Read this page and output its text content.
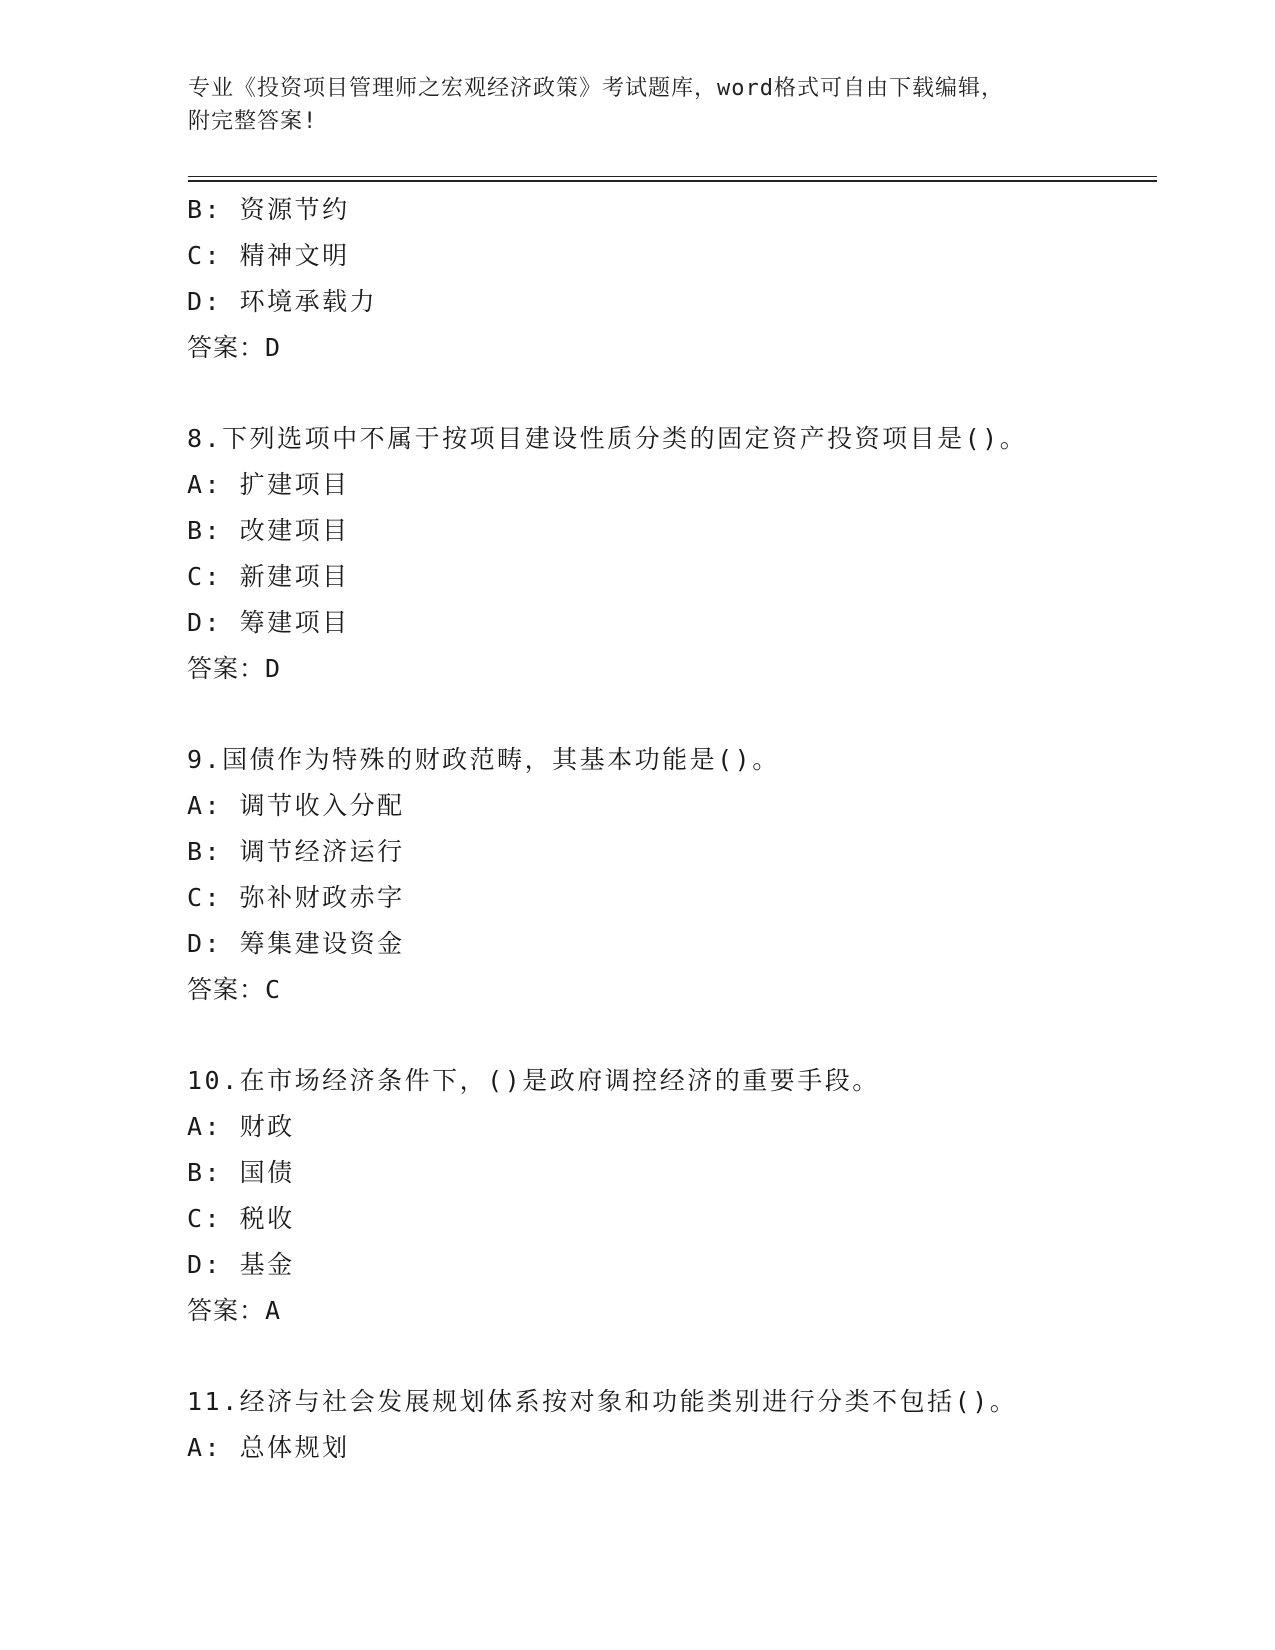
专业《投资项目管理师之宏观经济政策》考试题库，word格式可自由下载编辑，
附完整答案!
B: 资源节约
C: 精神文明
D: 环境承载力
答案：D
8.下列选项中不属于按项目建设性质分类的固定资产投资项目是()。
A: 扩建项目
B: 改建项目
C: 新建项目
D: 筹建项目
答案：D
9.国债作为特殊的财政范畴，其基本功能是()。
A: 调节收入分配
B: 调节经济运行
C: 弥补财政赤字
D: 筹集建设资金
答案：C
10.在市场经济条件下，()是政府调控经济的重要手段。
A: 财政
B: 国债
C: 税收
D: 基金
答案：A
11.经济与社会发展规划体系按对象和功能类别进行分类不包括()。
A: 总体规划
